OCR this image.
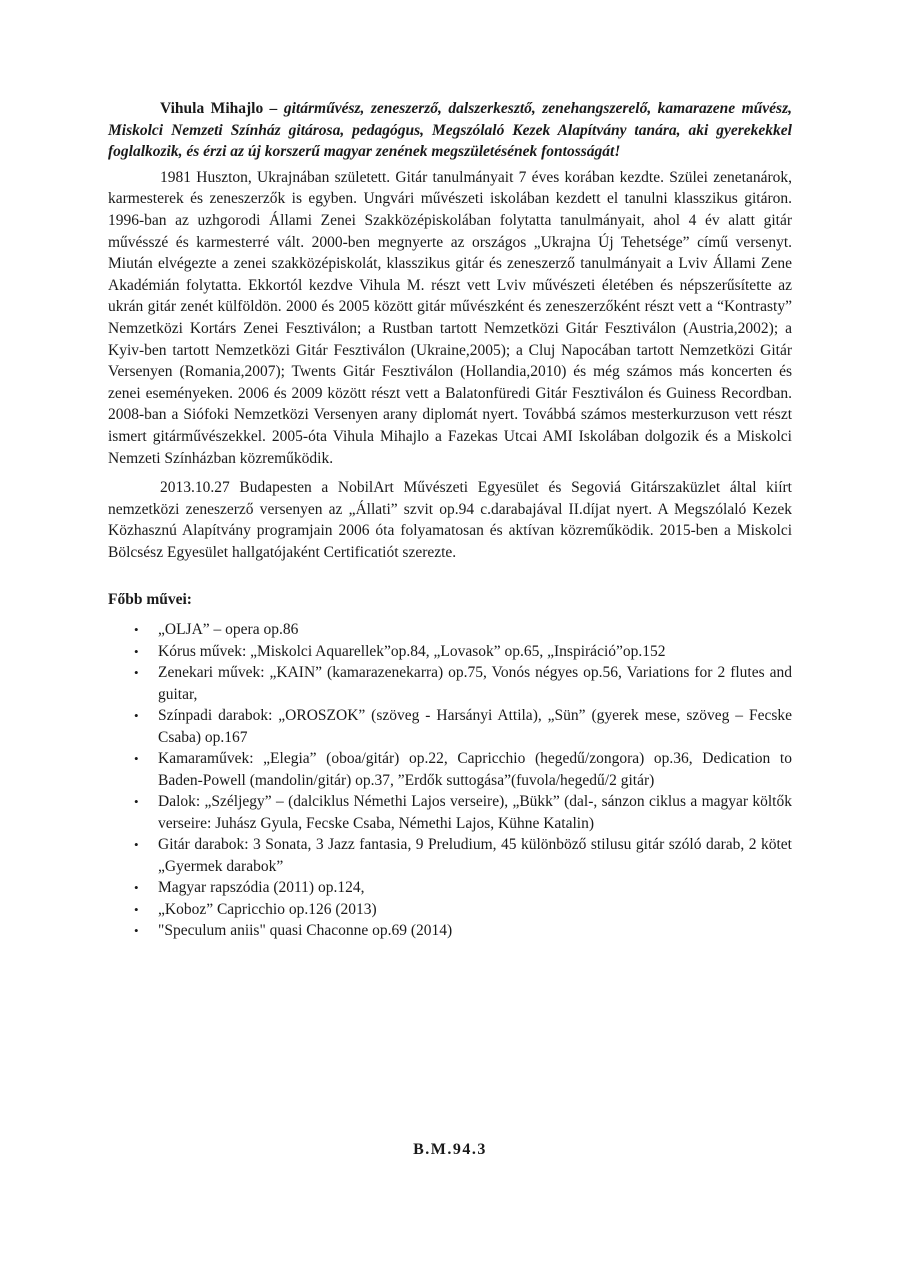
Vihula Mihajlo – gitárművész, zeneszerző, dalszerkesztő, zenehangszerelő, kamarazene művész, Miskolci Nemzeti Színház gitárosa, pedagógus, Megszólaló Kezek Alapítvány tanára, aki gyerekekkel foglalkozik, és érzi az új korszerű magyar zenének megszületésének fontosságát!

1981 Huszton, Ukrajnában született. Gitár tanulmányait 7 éves korában kezdte. Szülei zenetanárok, karmesterek és zeneszerzők is egyben. Ungvári művészeti iskolában kezdett el tanulni klasszikus gitáron. 1996-ban az uzhgorodi Állami Zenei Szakközépiskolában folytatta tanulmányait, ahol 4 év alatt gitár művésszé és karmesterré vált. 2000-ben megnyerte az országos „Ukrajna Új Tehetsége” című versenyt. Miután elvégezte a zenei szakközépiskolát, klasszikus gitár és zeneszerző tanulmányait a Lviv Állami Zene Akadémián folytatta. Ekkortól kezdve Vihula M. részt vett Lviv művészeti életében és népszerűsítette az ukrán gitár zenét külföldön. 2000 és 2005 között gitár művészként és zeneszerzőként részt vett a “Kontrasty” Nemzetközi Kortárs Zenei Fesztiválon; a Rustban tartott Nemzetközi Gitár Fesztiválon (Austria,2002); a Kyiv-ben tartott Nemzetközi Gitár Fesztiválon (Ukraine,2005); a Cluj Napocában tartott Nemzetközi Gitár Versenyen (Romania,2007); Twents Gitár Fesztiválon (Hollandia,2010) és még számos más koncerten és zenei eseményeken. 2006 és 2009 között részt vett a Balatonfüredi Gitár Fesztiválon és Guiness Recordban. 2008-ban a Siófoki Nemzetközi Versenyen arany diplomát nyert. Továbbá számos mesterkurzuson vett részt ismert gitárművészekkel. 2005-óta Vihula Mihajlo a Fazekas Utcai AMI Iskolában dolgozik és a Miskolci Nemzeti Színházban közreműködik.

2013.10.27 Budapesten a NobilArt Művészeti Egyesület és Segoviá Gitárszaküzlet által kiírt nemzetközi zeneszerző versenyen az „Állati” szvit op.94 c.darabajával II.díjat nyert. A Megszólaló Kezek Közhasznú Alapítvány programjain 2006 óta folyamatosan és aktívan közreműködik. 2015-ben a Miskolci Bölcsész Egyesület hallgatójaként Certificatiót szerezte.

Főbb művei:
• „OLJA” – opera op.86
• Kórus művek: „Miskolci Aquarellek”op.84, „Lovasok” op.65, „Inspiráció”op.152
• Zenekari művek: „KAIN” (kamarazenekarra) op.75, Vonós négyes op.56, Variations for 2 flutes and guitar,
• Színpadi darabok: „OROSZOK” (szöveg - Harsányi Attila), „Sün” (gyerek mese, szöveg – Fecske Csaba) op.167
• Kamaraművek: „Elegia” (oboa/gitár) op.22, Capricchio (hegedű/zongora) op.36, Dedication to Baden-Powell (mandolin/gitár) op.37, ”Erdők suttogása”(fuvola/hegedű/2 gitár)
• Dalok: „Széljegy” – (dalciklus Némethi Lajos verseire), „Bükk” (dal-, sánzon ciklus a magyar költők verseire: Juhász Gyula, Fecske Csaba, Némethi Lajos, Kühne Katalin)
• Gitár darabok: 3 Sonata, 3 Jazz fantasia, 9 Preludium, 45 különböző stilusu gitár szóló darab, 2 kötet „Gyermek darabok”
• Magyar rapszódia (2011) op.124,
• „Koboz” Capricchio op.126 (2013)
• "Speculum aniis" quasi Chaconne op.69 (2014)
B.M.94.3
